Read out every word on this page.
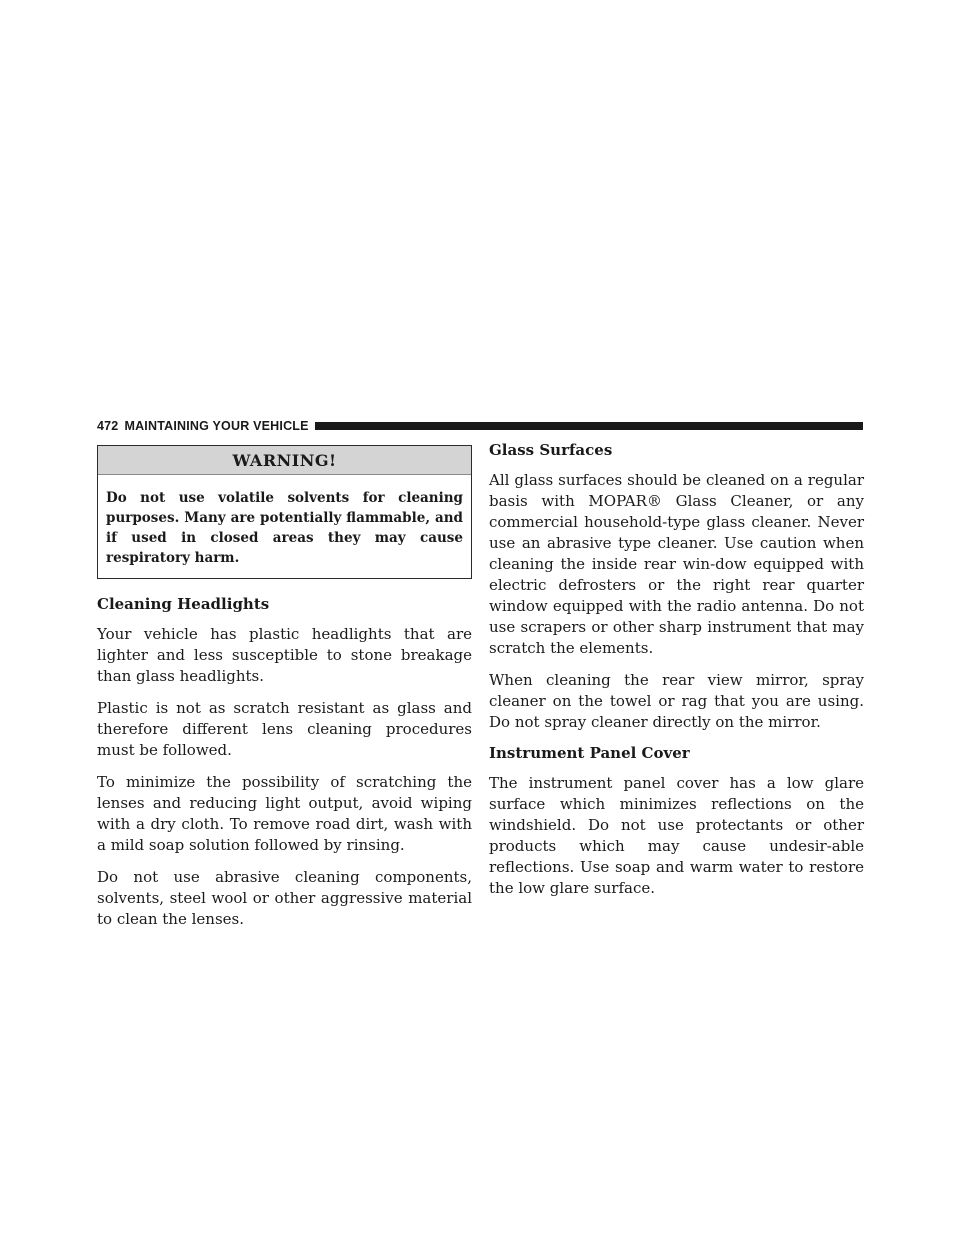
472 MAINTAINING YOUR VEHICLE
WARNING!
Do not use volatile solvents for cleaning purposes. Many are potentially flammable, and if used in closed areas they may cause respiratory harm.
Cleaning Headlights

Your vehicle has plastic headlights that are lighter and less susceptible to stone breakage than glass headlights.

Plastic is not as scratch resistant as glass and therefore different lens cleaning procedures must be followed.

To minimize the possibility of scratching the lenses and reducing light output, avoid wiping with a dry cloth. To remove road dirt, wash with a mild soap solution followed by rinsing.

Do not use abrasive cleaning components, solvents, steel wool or other aggressive material to clean the lenses.

Glass Surfaces

All glass surfaces should be cleaned on a regular basis with MOPAR® Glass Cleaner, or any commercial household-type glass cleaner. Never use an abrasive type cleaner. Use caution when cleaning the inside rear win-dow equipped with electric defrosters or the right rear quarter window equipped with the radio antenna. Do not use scrapers or other sharp instrument that may scratch the elements.

When cleaning the rear view mirror, spray cleaner on the towel or rag that you are using. Do not spray cleaner directly on the mirror.

Instrument Panel Cover

The instrument panel cover has a low glare surface which minimizes reflections on the windshield. Do not use protectants or other products which may cause undesir-able reflections. Use soap and warm water to restore the low glare surface.
